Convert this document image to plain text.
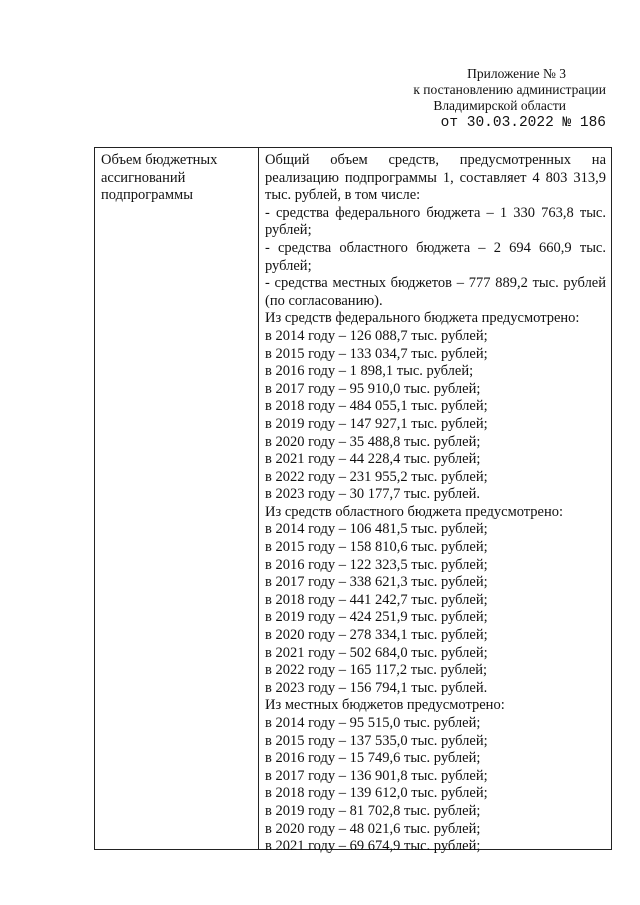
Приложение № 3
к постановлению администрации
Владимирской области
от 30.03.2022 № 186
Объем бюджетных ассигнований подпрограммы
Общий объем средств, предусмотренных на реализацию подпрограммы 1, составляет 4 803 313,9 тыс. рублей, в том числе:
- средства федерального бюджета – 1 330 763,8 тыс. рублей;
- средства областного бюджета – 2 694 660,9 тыс. рублей;
- средства местных бюджетов – 777 889,2 тыс. рублей (по согласованию).
Из средств федерального бюджета предусмотрено:
в 2014 году – 126 088,7 тыс. рублей;
в 2015 году – 133 034,7 тыс. рублей;
в 2016 году – 1 898,1 тыс. рублей;
в 2017 году – 95 910,0 тыс. рублей;
в 2018 году – 484 055,1 тыс. рублей;
в 2019 году – 147 927,1 тыс. рублей;
в 2020 году – 35 488,8 тыс. рублей;
в 2021 году – 44 228,4 тыс. рублей;
в 2022 году – 231 955,2 тыс. рублей;
в 2023 году – 30 177,7 тыс. рублей.
Из средств областного бюджета предусмотрено:
в 2014 году – 106 481,5 тыс. рублей;
в 2015 году – 158 810,6 тыс. рублей;
в 2016 году – 122 323,5 тыс. рублей;
в 2017 году – 338 621,3 тыс. рублей;
в 2018 году – 441 242,7 тыс. рублей;
в 2019 году – 424 251,9 тыс. рублей;
в 2020 году – 278 334,1 тыс. рублей;
в 2021 году – 502 684,0 тыс. рублей;
в 2022 году – 165 117,2 тыс. рублей;
в 2023 году – 156 794,1 тыс. рублей.
Из местных бюджетов предусмотрено:
в 2014 году – 95 515,0 тыс. рублей;
в 2015 году – 137 535,0 тыс. рублей;
в 2016 году – 15 749,6 тыс. рублей;
в 2017 году – 136 901,8 тыс. рублей;
в 2018 году – 139 612,0 тыс. рублей;
в 2019 году – 81 702,8 тыс. рублей;
в 2020 году – 48 021,6 тыс. рублей;
в 2021 году – 69 674,9 тыс. рублей;
